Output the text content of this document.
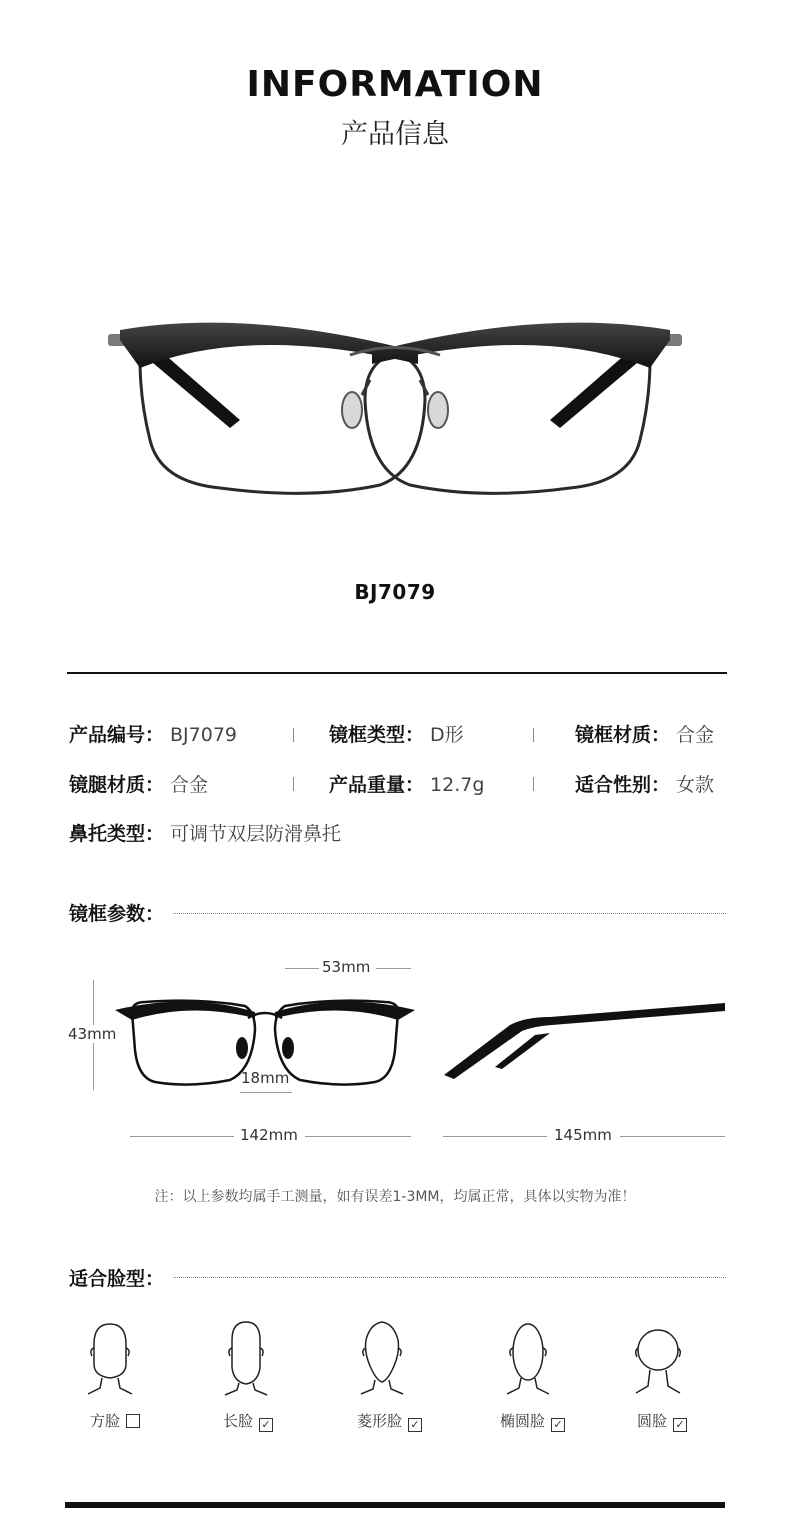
INFORMATION
产品信息
BJ7079
产品编号： BJ7079	镜框类型： D形	镜框材质： 合金
镜腿材质： 合金	产品重量： 12.7g	适合性别： 女款
鼻托类型： 可调节双层防滑鼻托
镜框参数：
53mm
43mm
18mm
142mm	145mm
注：以上参数均属手工测量，如有误差1-3MM，均属正常，具体以实物为准！
适合脸型：
方脸	长脸 ✓	菱形脸 ✓	椭圆脸 ✓	圆脸 ✓
